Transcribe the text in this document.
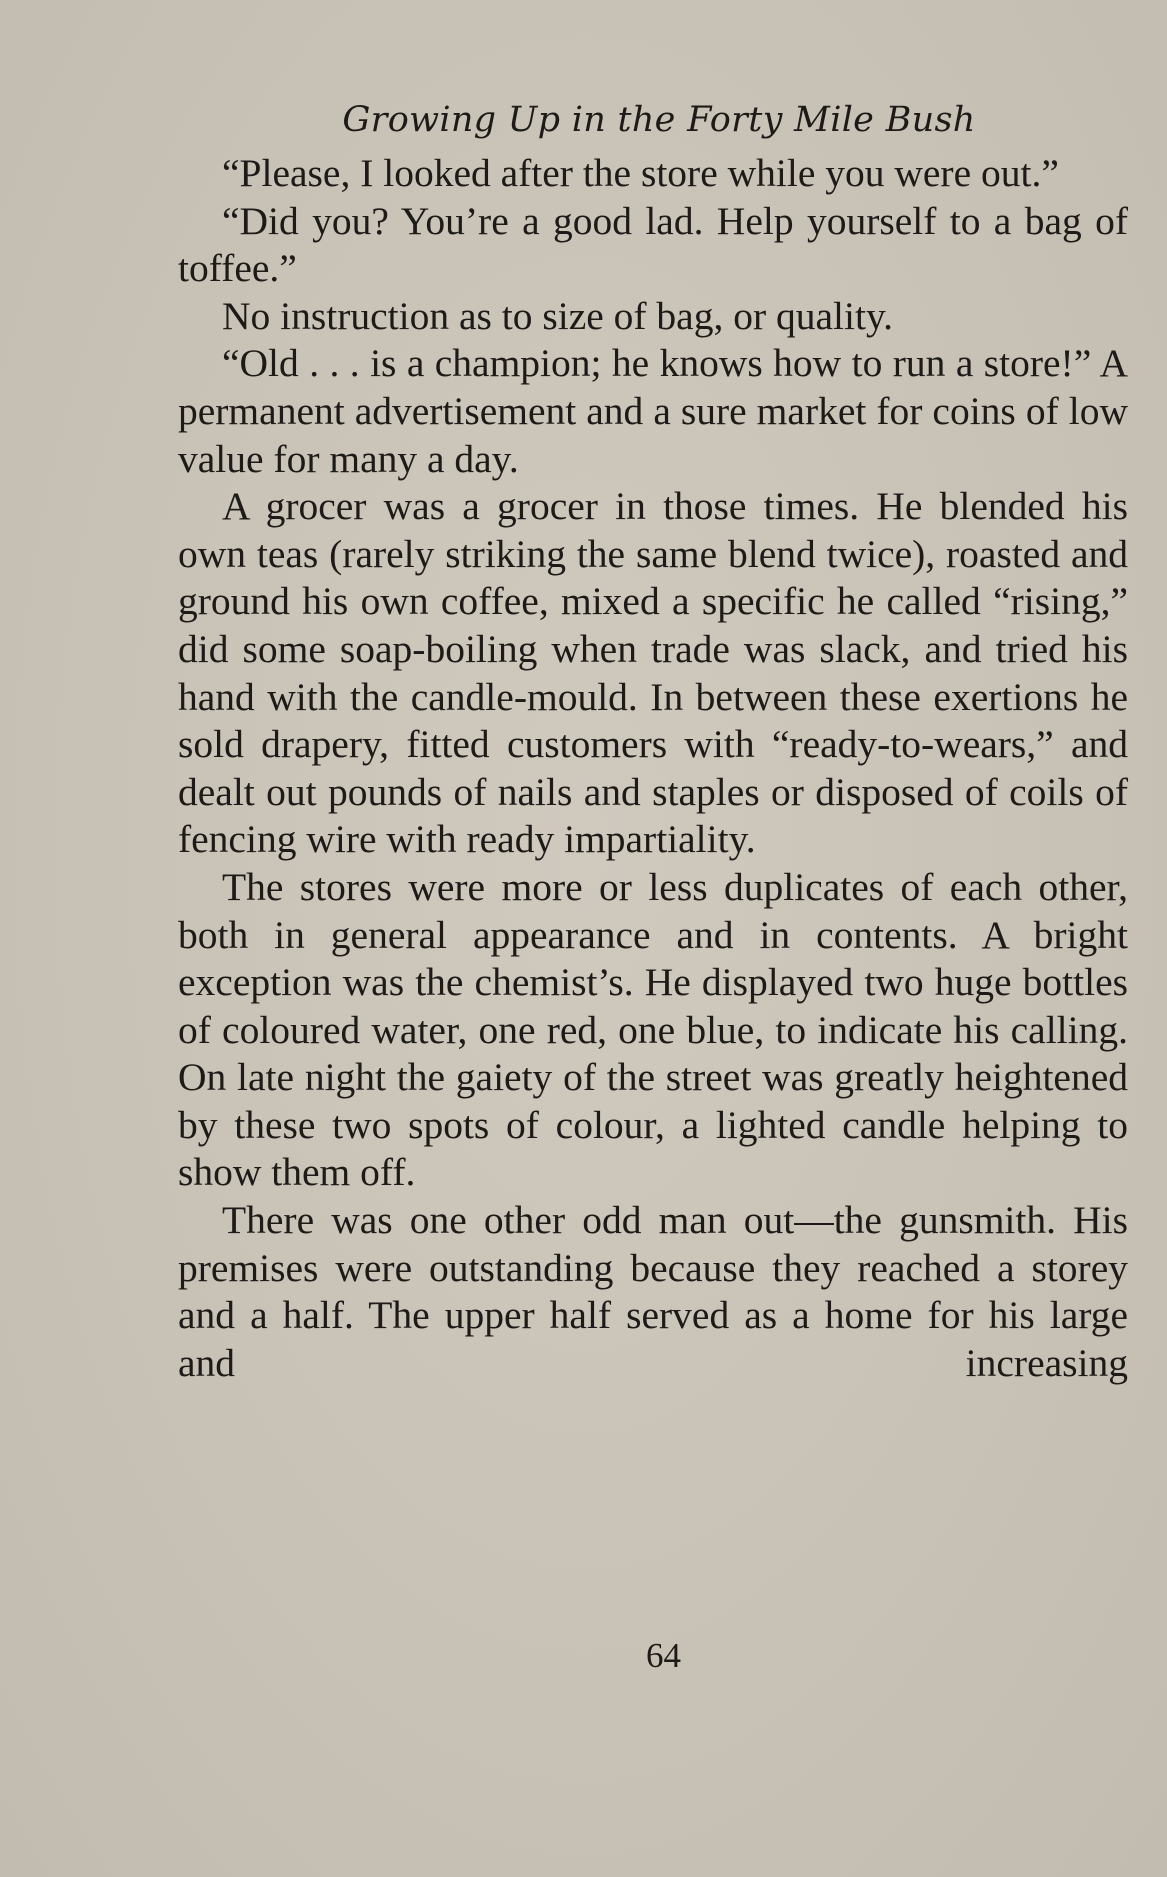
Growing Up in the Forty Mile Bush

“Please, I looked after the store while you were out.”

“Did you? You’re a good lad. Help yourself to a bag of toffee.”

No instruction as to size of bag, or quality.

“Old . . . is a champion; he knows how to run a store!” A permanent advertisement and a sure market for coins of low value for many a day.

A grocer was a grocer in those times. He blended his own teas (rarely striking the same blend twice), roasted and ground his own coffee, mixed a specific he called “rising,” did some soap-boiling when trade was slack, and tried his hand with the candle-mould. In between these exertions he sold drapery, fitted customers with “ready-to-wears,” and dealt out pounds of nails and staples or disposed of coils of fencing wire with ready impartiality.

The stores were more or less duplicates of each other, both in general appearance and in contents. A bright exception was the chemist’s. He displayed two huge bottles of coloured water, one red, one blue, to indicate his calling. On late night the gaiety of the street was greatly heightened by these two spots of colour, a lighted candle helping to show them off.

There was one other odd man out—the gunsmith. His premises were outstanding because they reached a storey and a half. The upper half served as a home for his large and increasing

64
